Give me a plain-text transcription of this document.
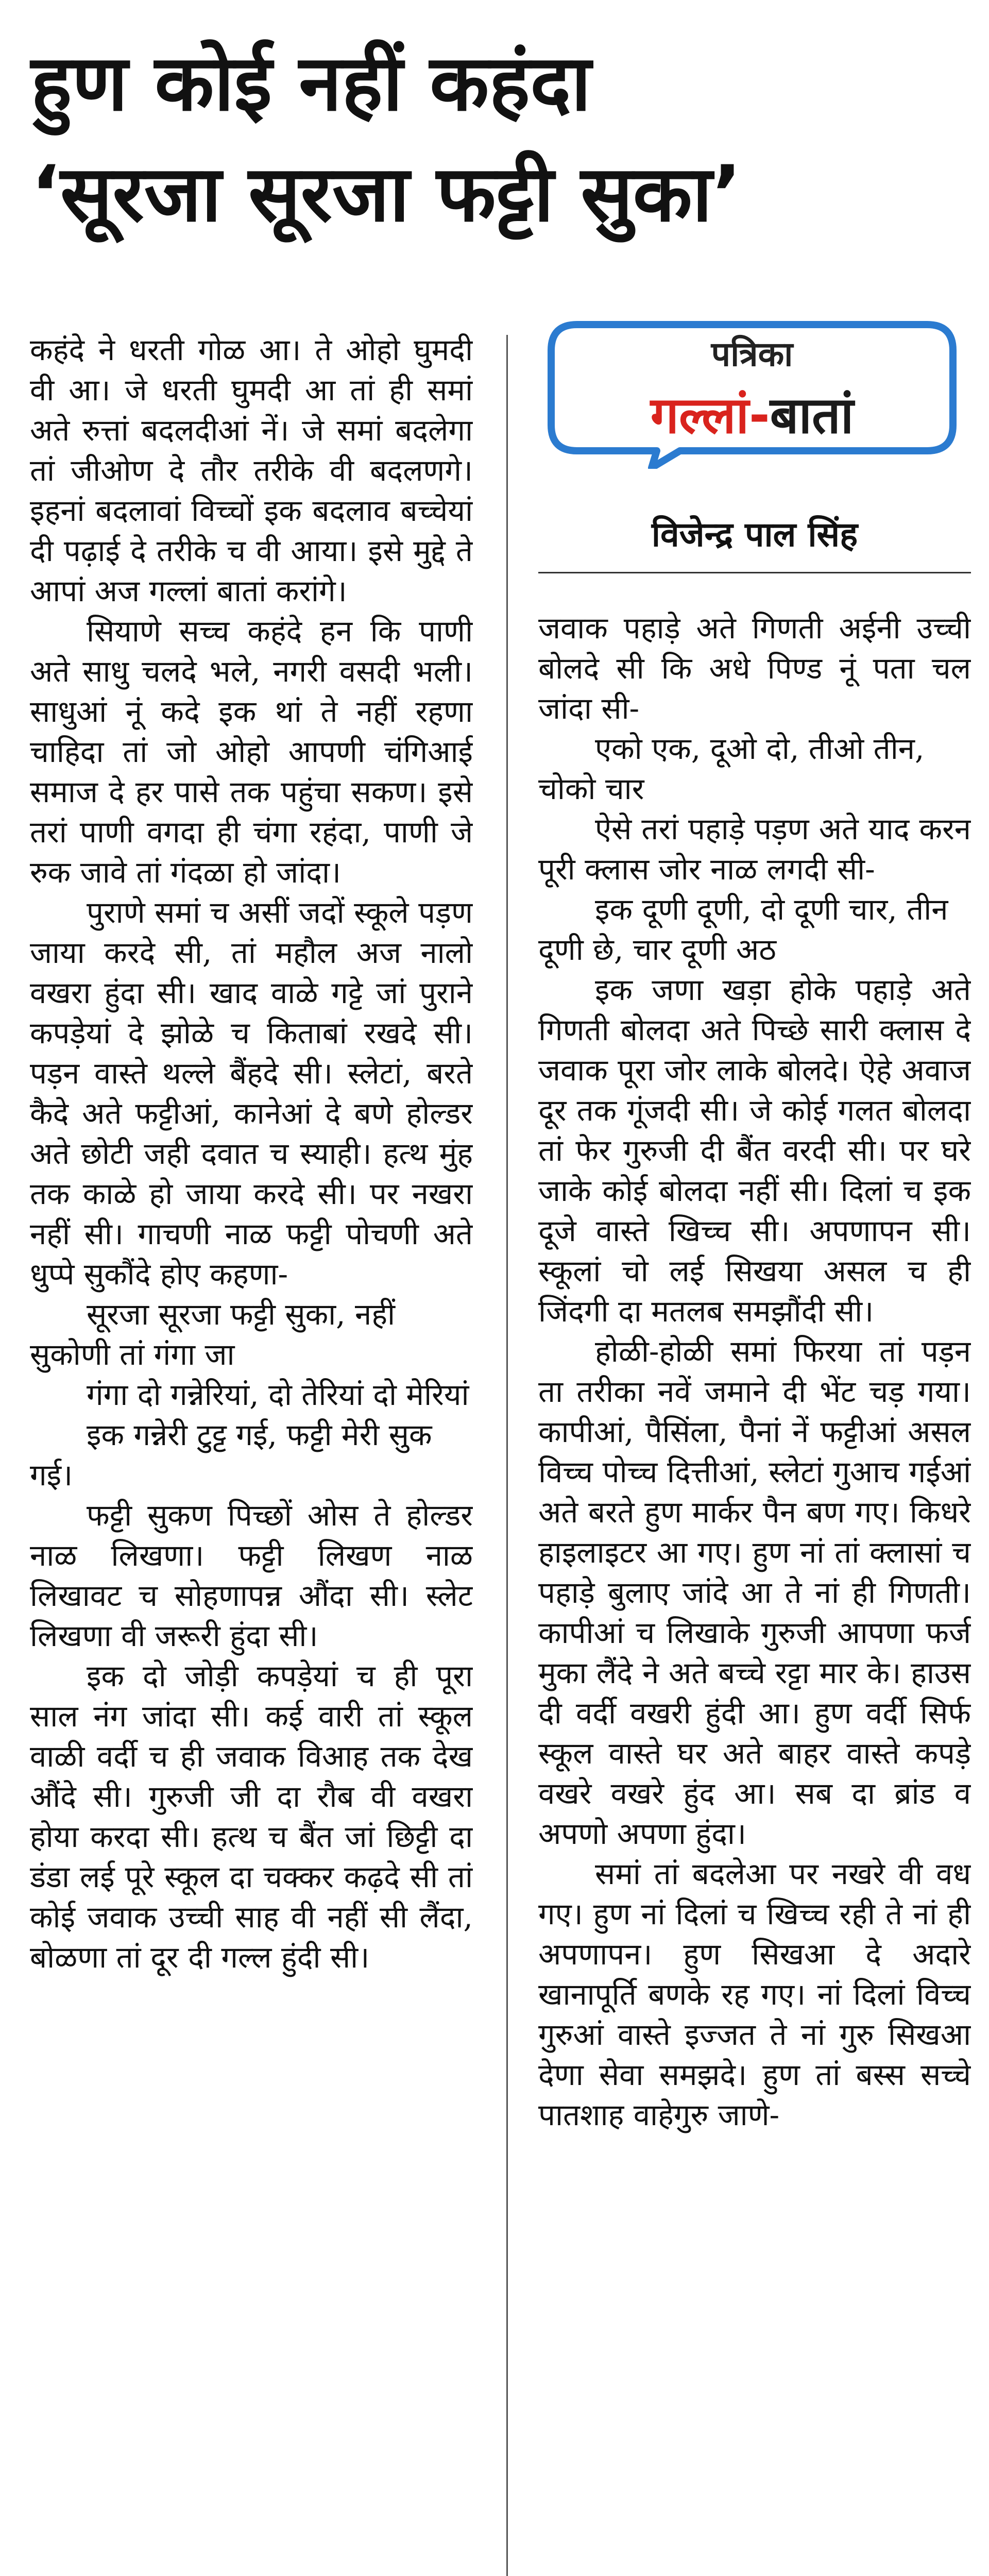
हुण कोई नहीं कहंदा
‘सूरजा सूरजा फट्टी सुका’

कहंदे ने धरती गोळ आ। ते ओहो घुमदी वी आ। जे धरती घुमदी आ तां ही समां अते रुत्तां बदलदीआं नें। जे समां बदलेगा तां जीओण दे तौर तरीके वी बदलणगे। इहनां बदलावां विच्चों इक बदलाव बच्चेयां दी पढ़ाई दे तरीके च वी आया। इसे मुद्दे ते आपां अज गल्लां बातां करांगे।

सियाणे सच्च कहंदे हन कि पाणी अते साधु चलदे भले, नगरी वसदी भली। साधुआं नूं कदे इक थां ते नहीं रहणा चाहिदा तां जो ओहो आपणी चंगिआई समाज दे हर पासे तक पहुंचा सकण। इसे तरां पाणी वगदा ही चंगा रहंदा, पाणी जे रुक जावे तां गंदळा हो जांदा।

पुराणे समां च असीं जदों स्कूले पड़ण जाया करदे सी, तां महौल अज नालो वखरा हुंदा सी। खाद वाळे गट्टे जां पुराने कपड़ेयां दे झोळे च किताबां रखदे सी। पड़न वास्ते थल्ले बैंहदे सी। स्लेटां, बरते कैदे अते फट्टीआं, कानेआं दे बणे होल्डर अते छोटी जही दवात च स्याही। हत्थ मुंह तक काळे हो जाया करदे सी। पर नखरा नहीं सी। गाचणी नाळ फट्टी पोचणी अते धुप्पे सुकौंदे होए कहणा-

सूरजा सूरजा फट्टी सुका, नहीं सुकोणी तां गंगा जा

गंगा दो गन्नेरियां, दो तेरियां दो मेरियां

इक गन्नेरी टुट्ट गई, फट्टी मेरी सुक गई।

फट्टी सुकण पिच्छों ओस ते होल्डर नाळ लिखणा। फट्टी लिखण नाळ लिखावट च सोहणापन्न औंदा सी। स्लेट लिखणा वी जरूरी हुंदा सी।

इक दो जोड़ी कपड़ेयां च ही पूरा साल नंग जांदा सी। कई वारी तां स्कूल वाळी वर्दी च ही जवाक विआह तक देख औंदे सी। गुरुजी जी दा रौब वी वखरा होया करदा सी। हत्थ च बैंत जां छिट्टी दा डंडा लई पूरे स्कूल दा चक्कर कढ़दे सी तां कोई जवाक उच्ची साह वी नहीं सी लैंदा, बोळणा तां दूर दी गल्ल हुंदी सी।

पत्रिका
गल्लां-बातां
विजेन्द्र पाल सिंह

जवाक पहाड़े अते गिणती अईनी उच्ची बोलदे सी कि अधे पिण्ड नूं पता चल जांदा सी-

एको एक, दूओ दो, तीओ तीन, चोको चार

ऐसे तरां पहाड़े पड़ण अते याद करन पूरी क्लास जोर नाळ लगदी सी-

इक दूणी दूणी, दो दूणी चार, तीन दूणी छे, चार दूणी अठ

इक जणा खड़ा होके पहाड़े अते गिणती बोलदा अते पिच्छे सारी क्लास दे जवाक पूरा जोर लाके बोलदे। ऐहे अवाज दूर तक गूंजदी सी। जे कोई गलत बोलदा तां फेर गुरुजी दी बैंत वरदी सी। पर घरे जाके कोई बोलदा नहीं सी। दिलां च इक दूजे वास्ते खिच्च सी। अपणापन सी। स्कूलां चो लई सिखया असल च ही जिंदगी दा मतलब समझौंदी सी।

होळी-होळी समां फिरया तां पड़न ता तरीका नवें जमाने दी भेंट चड़ गया। कापीआं, पैसिंला, पैनां नें फट्टीआं असल विच्च पोच्च दित्तीआं, स्लेटां गुआच गईआं अते बरते हुण मार्कर पैन बण गए। किधरे हाइलाइटर आ गए। हुण नां तां क्लासां च पहाड़े बुलाए जांदे आ ते नां ही गिणती। कापीआं च लिखाके गुरुजी आपणा फर्ज मुका लैंदे ने अते बच्चे रट्टा मार के। हाउस दी वर्दी वखरी हुंदी आ। हुण वर्दी सिर्फ स्कूल वास्ते घर अते बाहर वास्ते कपड़े वखरे वखरे हुंद आ। सब दा ब्रांड व अपणो अपणा हुंदा।

समां तां बदलेआ पर नखरे वी वध गए। हुण नां दिलां च खिच्च रही ते नां ही अपणापन। हुण सिखआ दे अदारे खानापूर्ति बणके रह गए। नां दिलां विच्च गुरुआं वास्ते इज्जत ते नां गुरु सिखआ देणा सेवा समझदे। हुण तां बस्स सच्चे पातशाह वाहेगुरु जाणे-
